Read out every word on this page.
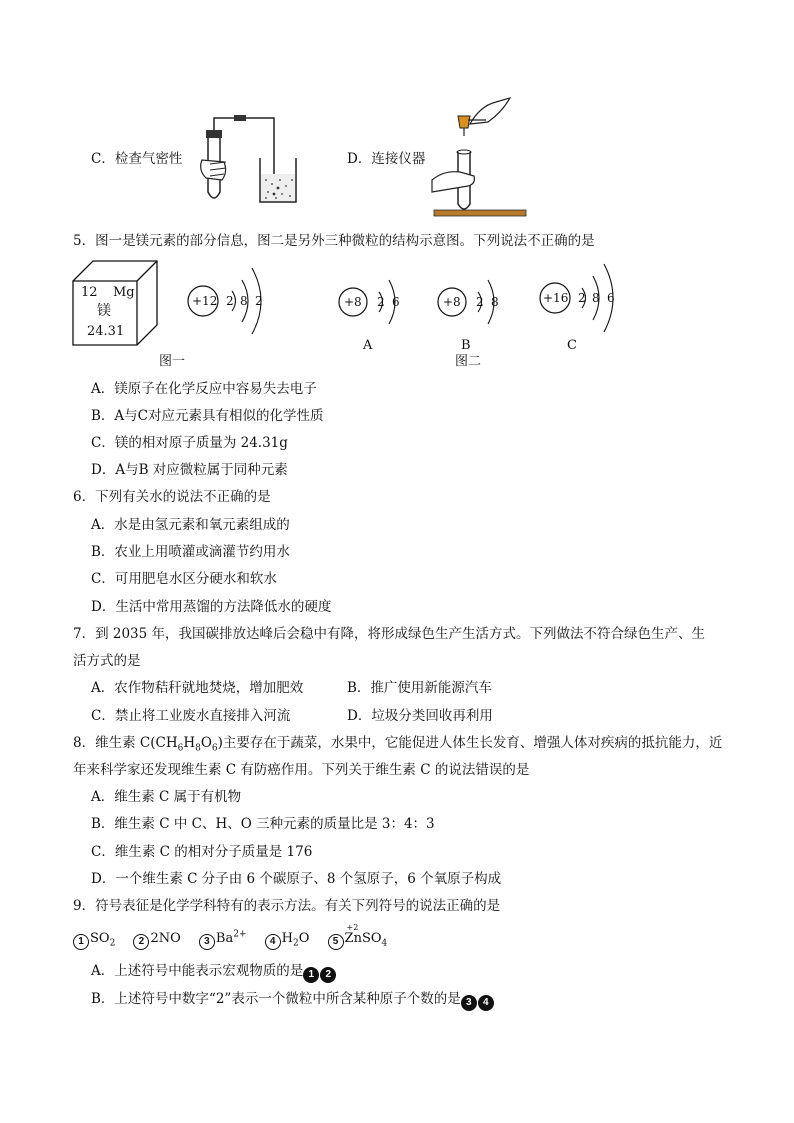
C．检查气密性	D．连接仪器
5．图一是镁元素的部分信息，图二是另外三种微粒的结构示意图。下列说法不正确的是
12 Mg
镁
24.31
+12 2 8 2	+8 2 6
A
+8 2 8
B
+16 2 8 6
C
图一	图二
A．镁原子在化学反应中容易失去电子
B．A与C对应元素具有相似的化学性质
C．镁的相对原子质量为 24.31g
D．A与B 对应微粒属于同种元素
6．下列有关水的说法不正确的是
A．水是由氢元素和氧元素组成的
B．农业上用喷灌或滴灌节约用水
C．可用肥皂水区分硬水和软水
D．生活中常用蒸馏的方法降低水的硬度
7．到 2035 年，我国碳排放达峰后会稳中有降，将形成绿色生产生活方式。下列做法不符合绿色生产、生
活方式的是
A．农作物秸秆就地焚烧，增加肥效	B．推广使用新能源汽车
C．禁止将工业废水直接排入河流	D．垃圾分类回收再利用
8．维生素 $C(CH_6H_8O_6)$主要存在于蔬菜，水果中，它能促进人体生长发育、增强人体对疾病的抵抗能力，近
年来科学家还发现维生素 C 有防癌作用。下列关于维生素 C 的说法错误的是
A．维生素 C 属于有机物
B．维生素 C 中 C、H、O 三种元素的质量比是 3：4：3
C．维生素 C 的相对分子质量是 176
D．一个维生素 C 分子由 6 个碳原子、8 个氢原子，6 个氧原子构成
9．符号表征是化学学科特有的表示方法。有关下列符号的说法正确的是
1 $SO_2$ 2 2NO 3 $Ba^{2+}$ 4 $H_2O$ 5
+2
ZnSO$_4$
A．上述符号中能表示宏观物质的是 1 2
B．上述符号中数字“2”表示一个微粒中所含某种原子个数的是 3 4
